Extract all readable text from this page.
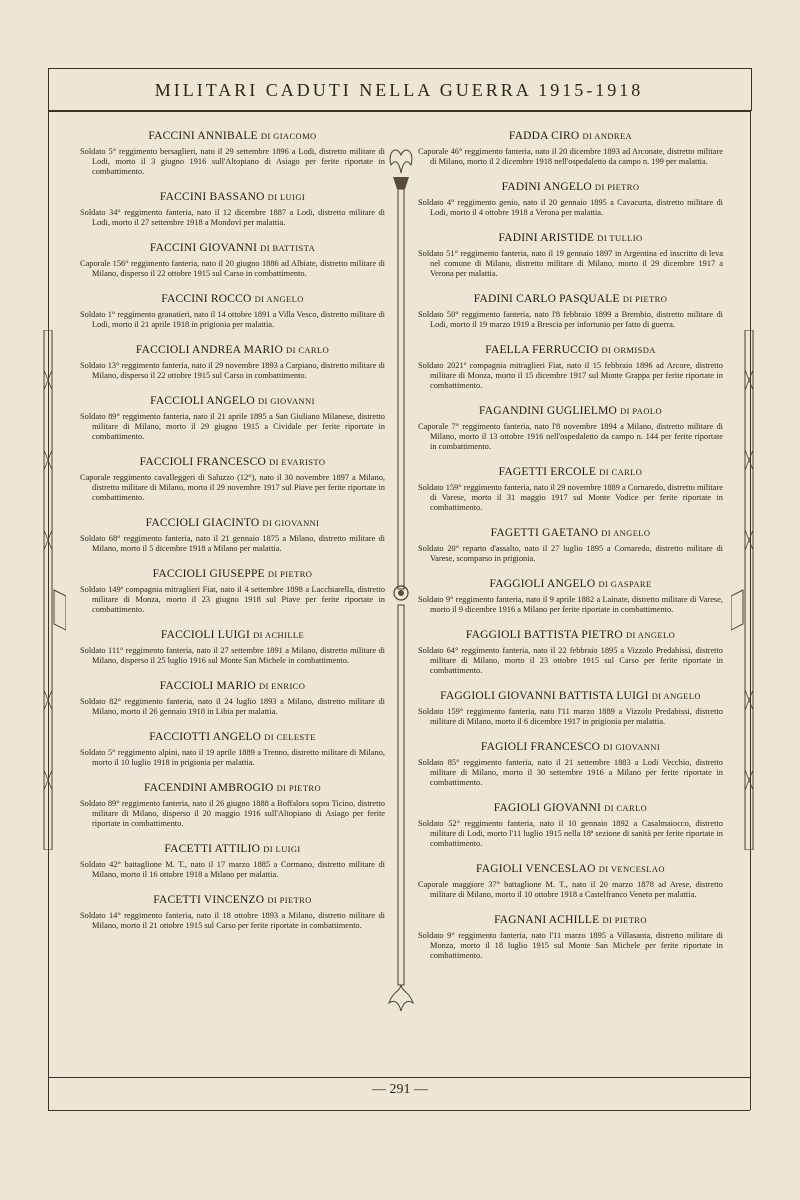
MILITARI CADUTI NELLA GUERRA 1915-1918
FACCINI ANNIBALE DI GIACOMO
Soldato 5° reggimento bersaglieri, nato il 29 settembre 1896 a Lodi, distretto militare di Lodi, morto il 3 giugno 1916 sull'Altopiano di Asiago per ferite riportate in combattimento.
FACCINI BASSANO DI LUIGI
Soldato 34° reggimento fanteria, nato il 12 dicembre 1887 a Lodi, distretto militare di Lodi, morto il 27 settembre 1918 a Mondovi per malattia.
FACCINI GIOVANNI DI BATTISTA
Caporale 156° reggimento fanteria, nato il 20 giugno 1886 ad Albiate, distretto militare di Milano, disperso il 22 ottobre 1915 sul Carso in combattimento.
FACCINI ROCCO DI ANGELO
Soldato 1° reggimento granatieri, nato il 14 ottobre 1891 a Villa Vesco, distretto militare di Lodi, morto il 21 aprile 1918 in prigionia per malattia.
FACCIOLI ANDREA MARIO DI CARLO
Soldato 13° reggimento fanteria, nato il 29 novembre 1893 a Carpiano, distretto militare di Milano, disperso il 22 ottobre 1915 sul Carso in combattimento.
FACCIOLI ANGELO DI GIOVANNI
Soldato 89° reggimento fanteria, nato il 21 aprile 1895 a San Giuliano Milanese, distretto militare di Milano, morto il 29 giugno 1915 a Cividale per ferite riportate in combattimento.
FACCIOLI FRANCESCO DI EVARISTO
Caporale reggimento cavalleggeri di Saluzzo (12°), nato il 30 novembre 1897 a Milano, distretto militare di Milano, morto il 29 novembre 1917 sul Piave per ferite riportate in combattimento.
FACCIOLI GIACINTO DI GIOVANNI
Soldato 68° reggimento fanteria, nato il 21 gennaio 1875 a Milano, distretto militare di Milano, morto il 5 dicembre 1918 a Milano per malattia.
FACCIOLI GIUSEPPE DI PIETRO
Soldato 149ª compagnia mitraglieri Fiat, nato il 4 settembre 1898 a Lacchiarella, distretto militare di Monza, morto il 23 giugno 1918 sul Piave per ferite riportate in combattimento.
FACCIOLI LUIGI DI ACHILLE
Soldato 111° reggimento fanteria, nato il 27 settembre 1891 a Milano, distretto militare di Milano, disperso il 25 luglio 1916 sul Monte San Michele in combattimento.
FACCIOLI MARIO DI ENRICO
Soldato 82° reggimento fanteria, nato il 24 luglio 1893 a Milano, distretto militare di Milano, morto il 26 gennaio 1918 in Libia per malattia.
FACCIOTTI ANGELO DI CELESTE
Soldato 5° reggimento alpini, nato il 19 aprile 1889 a Trenno, distretto militare di Milano, morto il 10 luglio 1918 in prigionia per malattia.
FACENDINI AMBROGIO DI PIETRO
Soldato 89° reggimento fanteria, nato il 26 giugno 1888 a Boffalora sopra Ticino, distretto militare di Milano, disperso il 20 maggio 1916 sull'Altopiano di Asiago per ferite riportate in combattimento.
FACETTI ATTILIO DI LUIGI
Soldato 42° battaglione M. T., nato il 17 marzo 1885 a Cormano, distretto militare di Milano, morto il 16 ottobre 1918 a Milano per malattia.
FACETTI VINCENZO DI PIETRO
Soldato 14° reggimento fanteria, nato il 18 ottobre 1893 a Milano, distretto militare di Milano, morto il 21 ottobre 1915 sul Carso per ferite riportate in combattimento.
FADDA CIRO DI ANDREA
Caporale 46° reggimento fanteria, nato il 20 dicembre 1893 ad Arconate, distretto militare di Milano, morto il 2 dicembre 1918 nell'ospedaletto da campo n. 199 per malattia.
FADINI ANGELO DI PIETRO
Soldato 4° reggimento genio, nato il 20 gennaio 1895 a Cavacurta, distretto militare di Lodi, morto il 4 ottobre 1918 a Verona per malattia.
FADINI ARISTIDE DI TULLIO
Soldato 51° reggimento fanteria, nato il 19 gennaio 1897 in Argentina ed inscritto di leva nel comune di Milano, distretto militare di Milano, morto il 29 dicembre 1917 a Verona per malattia.
FADINI CARLO PASQUALE DI PIETRO
Soldato 50° reggimento fanteria, nato l'8 febbraio 1899 a Brembio, distretto militare di Lodi, morto il 19 marzo 1919 a Brescia per infortunio per fatto di guerra.
FAELLA FERRUCCIO DI ORMISDA
Soldato 2021ª compagnia mitraglieri Fiat, nato il 15 febbraio 1896 ad Arcore, distretto militare di Monza, morto il 15 dicembre 1917 sul Monte Grappa per ferite riportate in combattimento.
FAGANDINI GUGLIELMO DI PAOLO
Caporale 7° reggimento fanteria, nato l'8 novembre 1894 a Milano, distretto militare di Milano, morto il 13 ottobre 1916 nell'ospedaletto da campo n. 144 per ferite riportate in combattimento.
FAGETTI ERCOLE DI CARLO
Soldato 159° reggimento fanteria, nato il 29 novembre 1889 a Cornaredo, distretto militare di Varese, morto il 31 maggio 1917 sul Monte Vodice per ferite riportate in combattimento.
FAGETTI GAETANO DI ANGELO
Soldato 20° reparto d'assalto, nato il 27 luglio 1895 a Cornaredo, distretto militare di Varese, scomparso in prigionia.
FAGGIOLI ANGELO DI GASPARE
Soldato 9° reggimento fanteria, nato il 9 aprile 1882 a Lainate, distretto militare di Varese, morto il 9 dicembre 1916 a Milano per ferite riportate in combattimento.
FAGGIOLI BATTISTA PIETRO DI ANGELO
Soldato 64° reggimento fanteria, nato il 22 febbraio 1895 a Vizzolo Predabissi, distretto militare di Milano, morto il 23 ottobre 1915 sul Carso per ferite riportate in combattimento.
FAGGIOLI GIOVANNI BATTISTA LUIGI DI ANGELO
Soldato 159° reggimento fanteria, nato l'11 marzo 1889 a Vizzolo Predabissi, distretto militare di Milano, morto il 6 dicembre 1917 in prigionia per malattia.
FAGIOLI FRANCESCO DI GIOVANNI
Soldato 85° reggimento fanteria, nato il 21 settembre 1883 a Lodi Vecchio, distretto militare di Milano, morto il 30 settembre 1916 a Milano per ferite riportate in combattimento.
FAGIOLI GIOVANNI DI CARLO
Soldato 52° reggimento fanteria, nato il 10 gennaio 1892 a Casalmaiocco, distretto militare di Lodi, morto l'11 luglio 1915 nella 18ª sezione di sanità per ferite riportate in combattimento.
FAGIOLI VENCESLAO DI VENCESLAO
Caporale maggiore 37° battaglione M. T., nato il 20 marzo 1878 ad Arese, distretto militare di Milano, morto il 10 ottobre 1918 a Castelfranco Veneto per malattia.
FAGNANI ACHILLE DI PIETRO
Soldato 9° reggimento fanteria, nato l'11 marzo 1895 a Villasanta, distretto militare di Monza, morto il 18 luglio 1915 sul Monte San Michele per ferite riportate in combattimento.
— 291 —
